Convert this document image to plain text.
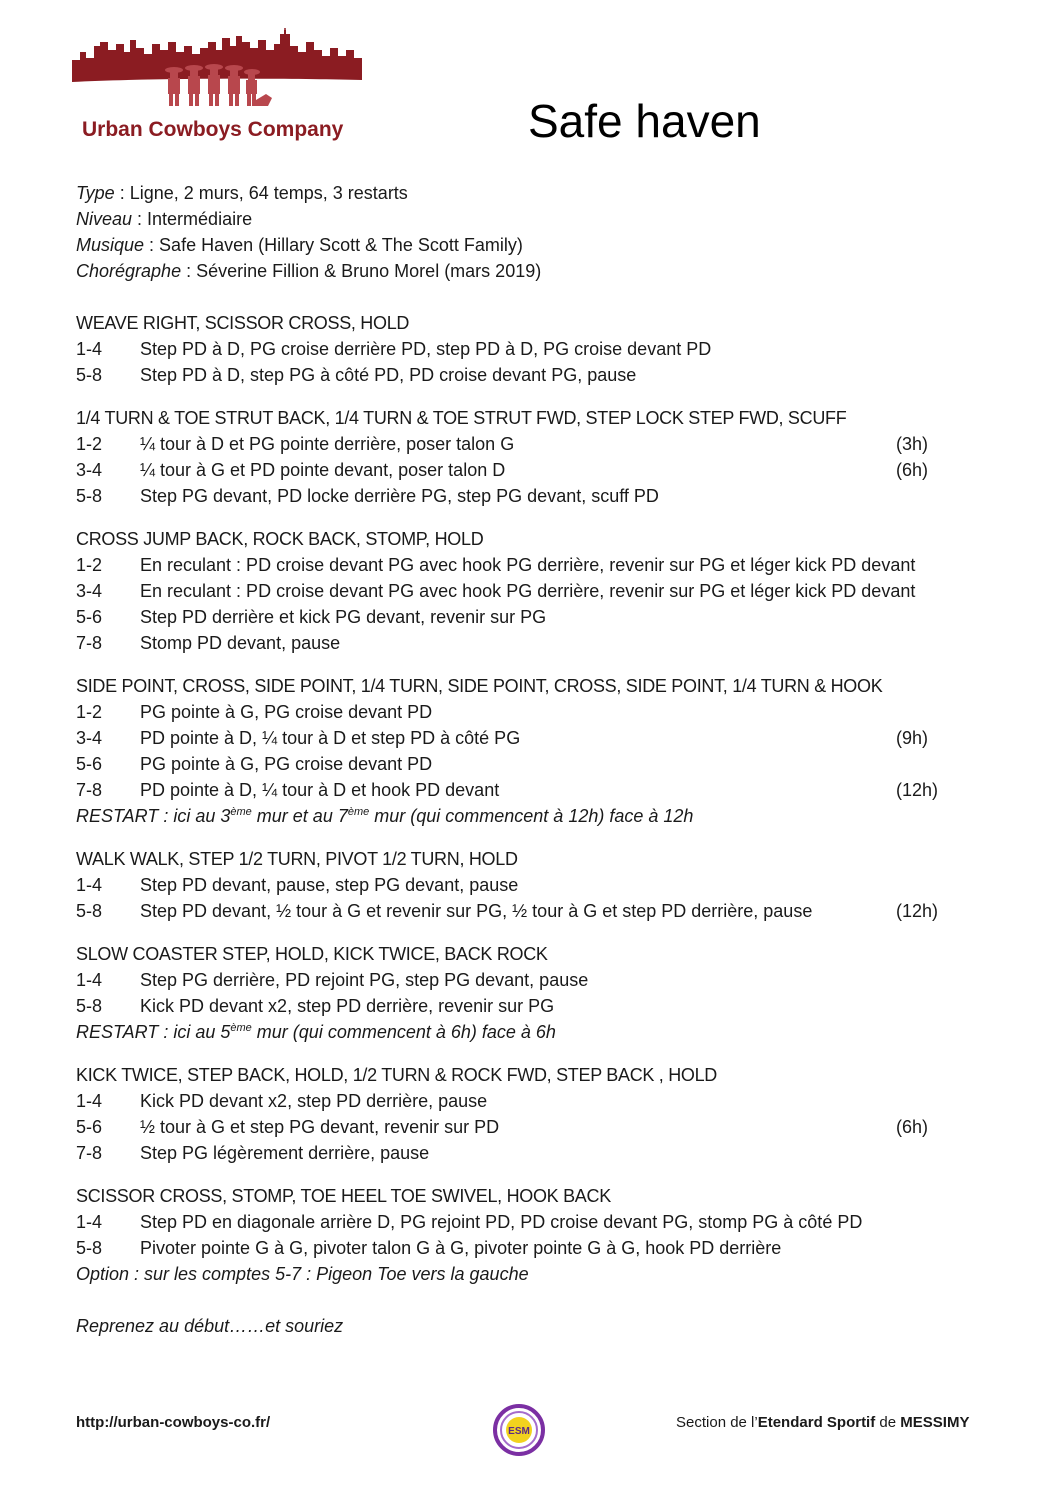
Urban Cowboys Company	Safe haven
Type : Ligne, 2 murs, 64 temps, 3 restarts
Niveau : Intermédiaire
Musique : Safe Haven (Hillary Scott & The Scott Family)
Chorégraphe : Séverine Fillion & Bruno Morel (mars 2019)
WEAVE RIGHT, SCISSOR CROSS, HOLD
1-4 Step PD à D, PG croise derrière PD, step PD à D, PG croise devant PD
5-8 Step PD à D, step PG à côté PD, PD croise devant PG, pause
1/4 TURN & TOE STRUT BACK, 1/4 TURN & TOE STRUT FWD, STEP LOCK STEP FWD, SCUFF
1-2 ¼ tour à D et PG pointe derrière, poser talon G	(3h)
3-4 ¼ tour à G et PD pointe devant, poser talon D	(6h)
5-8 Step PG devant, PD locke derrière PG, step PG devant, scuff PD
CROSS JUMP BACK, ROCK BACK, STOMP, HOLD
1-2 En reculant : PD croise devant PG avec hook PG derrière, revenir sur PG et léger kick PD devant
3-4 En reculant : PD croise devant PG avec hook PG derrière, revenir sur PG et léger kick PD devant
5-6 Step PD derrière et kick PG devant, revenir sur PG
7-8 Stomp PD devant, pause
SIDE POINT, CROSS, SIDE POINT, 1/4 TURN, SIDE POINT, CROSS, SIDE POINT, 1/4 TURN & HOOK
1-2 PG pointe à G, PG croise devant PD
3-4 PD pointe à D, ¼ tour à D et step PD à côté PG	(9h)
5-6 PG pointe à G, PG croise devant PD
7-8 PD pointe à D, ¼ tour à D et hook PD devant	(12h)
RESTART : ici au 3ème mur et au 7ème mur (qui commencent à 12h) face à 12h
WALK WALK, STEP 1/2 TURN, PIVOT 1/2 TURN, HOLD
1-4 Step PD devant, pause, step PG devant, pause
5-8 Step PD devant, ½ tour à G et revenir sur PG, ½ tour à G et step PD derrière, pause	(12h)
SLOW COASTER STEP, HOLD, KICK TWICE, BACK ROCK
1-4 Step PG derrière, PD rejoint PG, step PG devant, pause
5-8 Kick PD devant x2, step PD derrière, revenir sur PG
RESTART : ici au 5ème mur (qui commencent à 6h) face à 6h
KICK TWICE, STEP BACK, HOLD, 1/2 TURN & ROCK FWD, STEP BACK , HOLD
1-4 Kick PD devant x2, step PD derrière, pause
5-6 ½ tour à G et step PG devant, revenir sur PD	(6h)
7-8 Step PG légèrement derrière, pause
SCISSOR CROSS, STOMP, TOE HEEL TOE SWIVEL, HOOK BACK
1-4 Step PD en diagonale arrière D, PG rejoint PD, PD croise devant PG, stomp PG à côté PD
5-8 Pivoter pointe G à G, pivoter talon G à G, pivoter pointe G à G, hook PD derrière
Option : sur les comptes 5-7 : Pigeon Toe vers la gauche
Reprenez au début……et souriez
http://urban-cowboys-co.fr/
ESM
Section de l’Etendard Sportif de MESSIMY
